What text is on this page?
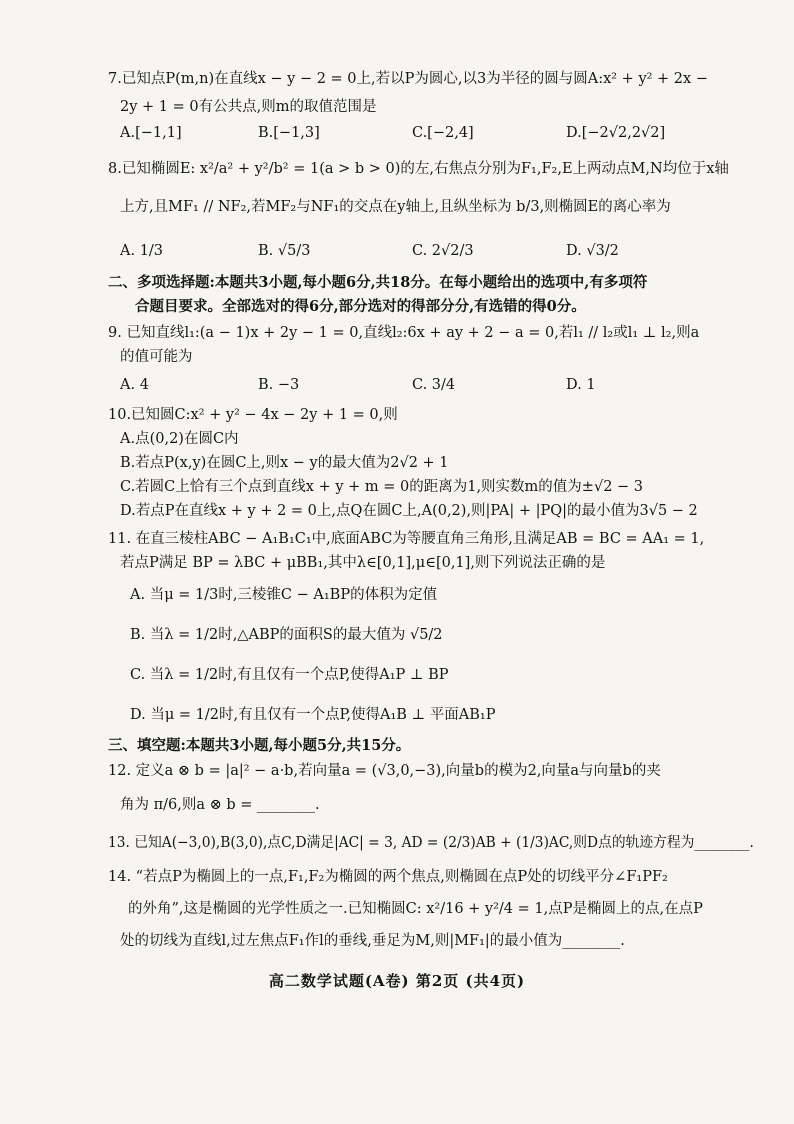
7.已知点P(m,n)在直线x − y − 2 = 0上,若以P为圆心,以3为半径的圆与圆A:x² + y² + 2x −
2y + 1 = 0有公共点,则m的取值范围是
A.[−1,1]	B.[−1,3]	C.[−2,4]	D.[−2√2,2√2]
8.已知椭圆E: x²/a² + y²/b² = 1(a > b > 0)的左,右焦点分别为F₁,F₂,E上两动点M,N均位于x轴
上方,且MF₁ // NF₂,若MF₂与NF₁的交点在y轴上,且纵坐标为 b/3,则椭圆E的离心率为
A. 1/3	B. √5/3	C. 2√2/3	D. √3/2
二、多项选择题:本题共3小题,每小题6分,共18分。在每小题给出的选项中,有多项符
合题目要求。全部选对的得6分,部分选对的得部分分,有选错的得0分。
9. 已知直线l₁:(a − 1)x + 2y − 1 = 0,直线l₂:6x + ay + 2 − a = 0,若l₁ // l₂或l₁ ⊥ l₂,则a
的值可能为
A. 4	B. −3	C. 3/4	D. 1
10.已知圆C:x² + y² − 4x − 2y + 1 = 0,则
A.点(0,2)在圆C内
B.若点P(x,y)在圆C上,则x − y的最大值为2√2 + 1
C.若圆C上恰有三个点到直线x + y + m = 0的距离为1,则实数m的值为±√2 − 3
D.若点P在直线x + y + 2 = 0上,点Q在圆C上,A(0,2),则|PA| + |PQ|的最小值为3√5 − 2
11. 在直三棱柱ABC − A₁B₁C₁中,底面ABC为等腰直角三角形,且满足AB = BC = AA₁ = 1,
若点P满足 BP = λBC + μBB₁,其中λ∈[0,1],μ∈[0,1],则下列说法正确的是
A. 当μ = 1/3时,三棱锥C − A₁BP的体积为定值
B. 当λ = 1/2时,△ABP的面积S的最大值为 √5/2
C. 当λ = 1/2时,有且仅有一个点P,使得A₁P ⊥ BP
D. 当μ = 1/2时,有且仅有一个点P,使得A₁B ⊥ 平面AB₁P
三、填空题:本题共3小题,每小题5分,共15分。
12. 定义a ⊗ b = |a|² − a·b,若向量a = (√3,0,−3),向量b的模为2,向量a与向量b的夹
角为 π/6,则a ⊗ b = ________.
13. 已知A(−3,0),B(3,0),点C,D满足|AC| = 3, AD = (2/3)AB + (1/3)AC,则D点的轨迹方程为________.
14. “若点P为椭圆上的一点,F₁,F₂为椭圆的两个焦点,则椭圆在点P处的切线平分∠F₁PF₂
的外角”,这是椭圆的光学性质之一.已知椭圆C: x²/16 + y²/4 = 1,点P是椭圆上的点,在点P
处的切线为直线l,过左焦点F₁作l的垂线,垂足为M,则|MF₁|的最小值为________.
高二数学试题(A卷) 第2页 (共4页)
